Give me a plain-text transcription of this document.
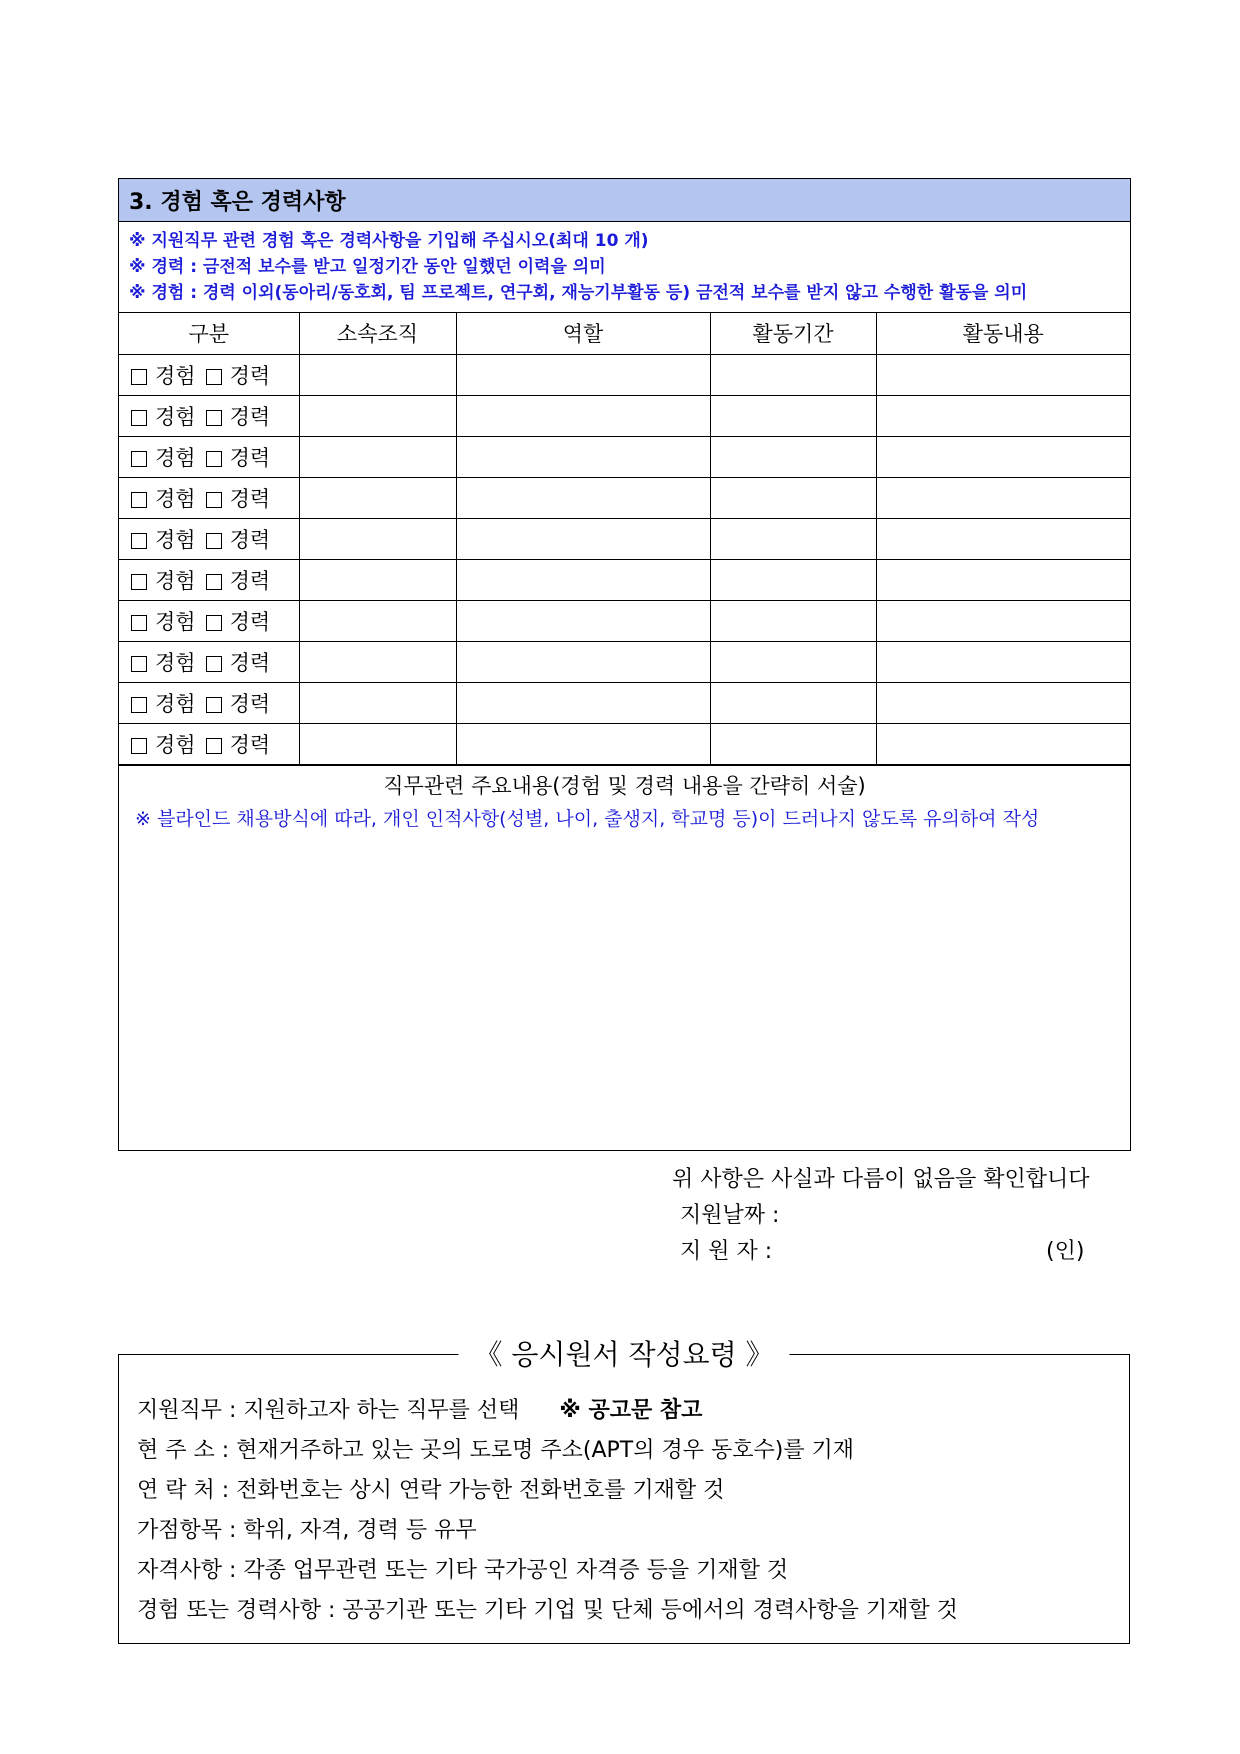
3. 경험 혹은 경력사항
※ 지원직무 관련 경험 혹은 경력사항을 기입해 주십시오(최대 10 개)
※ 경력 : 금전적 보수를 받고 일정기간 동안 일했던 이력을 의미
※ 경험 : 경력 이외(동아리/동호회, 팀 프로젝트, 연구회, 재능기부활동 등) 금전적 보수를 받지 않고 수행한 활동을 의미
구분	소속조직	역할	활동기간	활동내용
경험 경력				
경험 경력				
경험 경력				
경험 경력				
경험 경력				
경험 경력				
경험 경력				
경험 경력				
경험 경력				
경험 경력				
직무관련 주요내용(경험 및 경력 내용을 간략히 서술)
※ 블라인드 채용방식에 따라, 개인 인적사항(성별, 나이, 출생지, 학교명 등)이 드러나지 않도록 유의하여 작성
위 사항은 사실과 다름이 없음을 확인합니다
지원날짜 :
지 원 자 :	(인)
《 응시원서 작성요령 》
지원직무 : 지원하고자 하는 직무를 선택 ※ 공고문 참고
현 주 소 : 현재거주하고 있는 곳의 도로명 주소(APT의 경우 동호수)를 기재
연 락 처 : 전화번호는 상시 연락 가능한 전화번호를 기재할 것
가점항목 : 학위, 자격, 경력 등 유무
자격사항 : 각종 업무관련 또는 기타 국가공인 자격증 등을 기재할 것
경험 또는 경력사항 : 공공기관 또는 기타 기업 및 단체 등에서의 경력사항을 기재할 것
